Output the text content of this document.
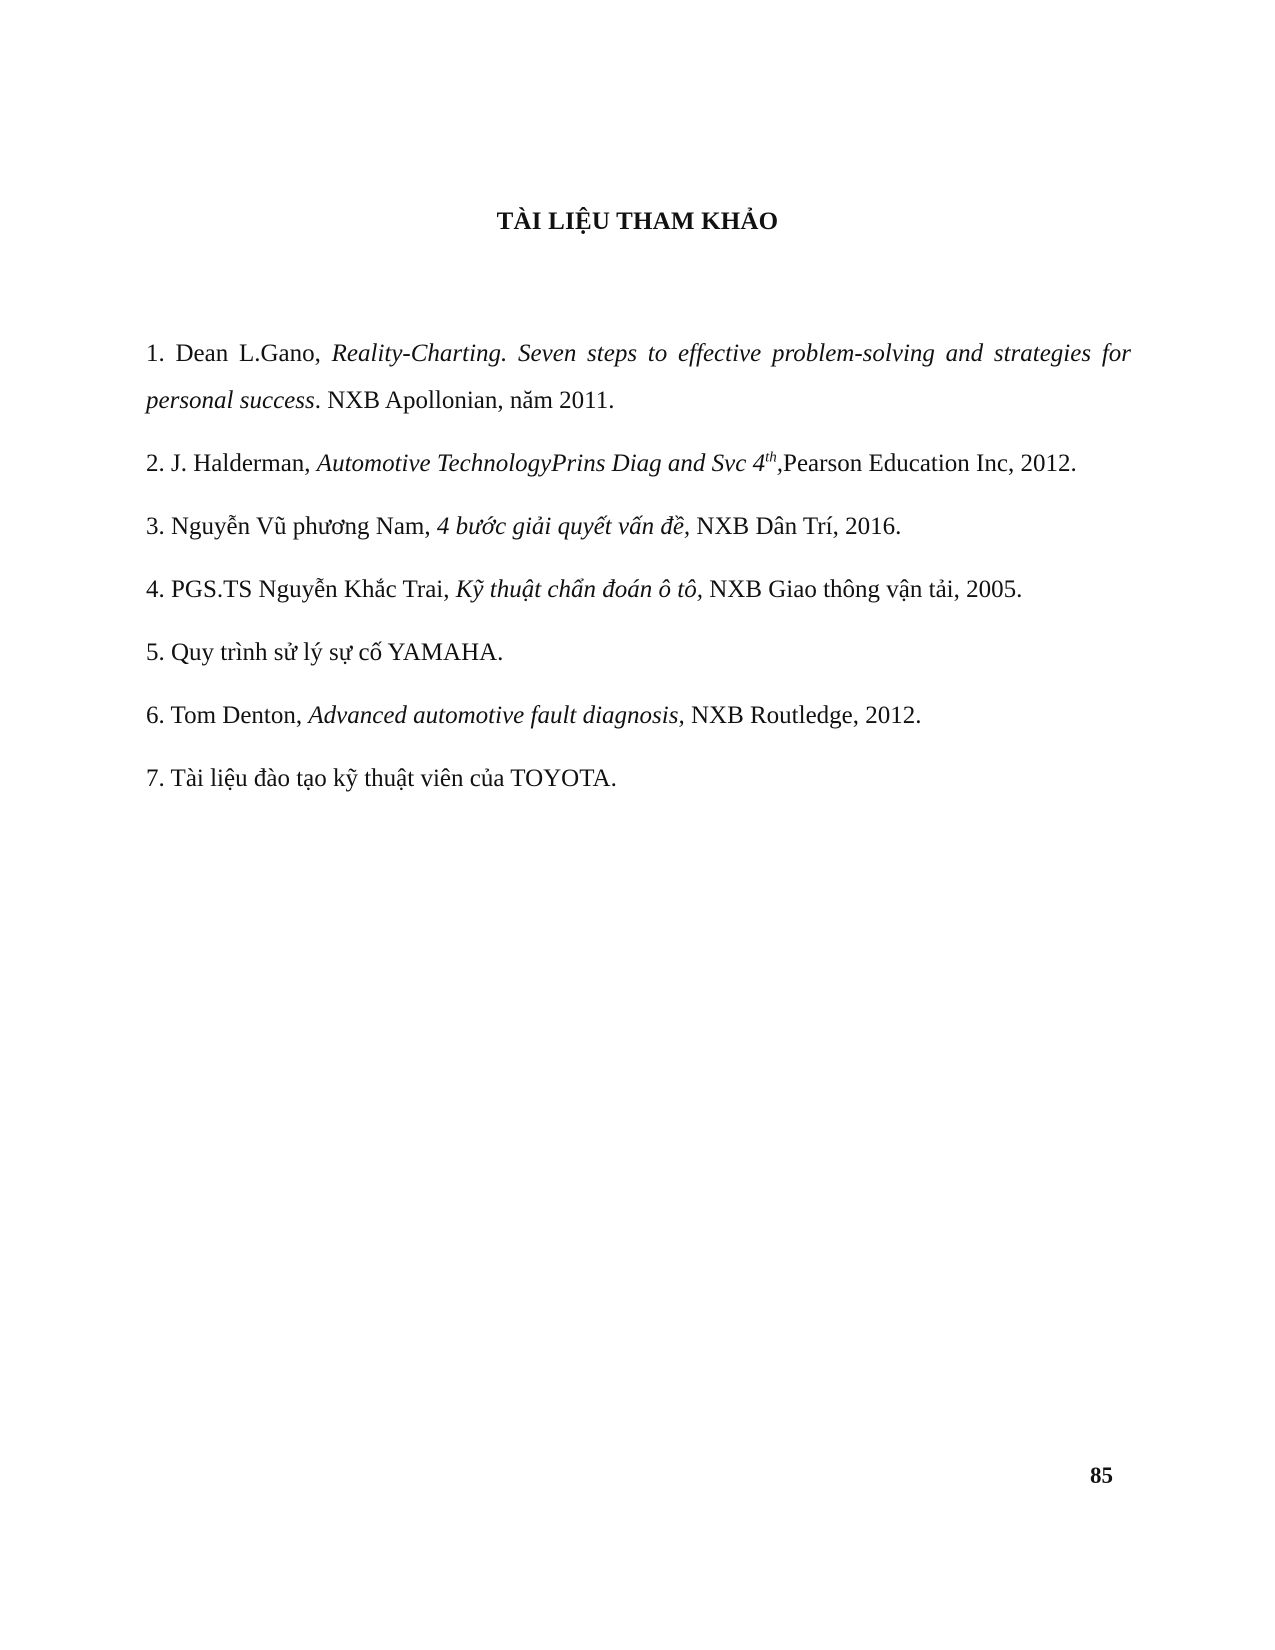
TÀI LIỆU THAM KHẢO

1. Dean L.Gano, Reality-Charting. Seven steps to effective problem-solving and strategies for personal success. NXB Apollonian, năm 2011.

2. J. Halderman, Automotive TechnologyPrins Diag and Svc 4th,Pearson Education Inc, 2012.

3. Nguyễn Vũ phương Nam, 4 bước giải quyết vấn đề, NXB Dân Trí, 2016.

4. PGS.TS Nguyễn Khắc Trai, Kỹ thuật chẩn đoán ô tô, NXB Giao thông vận tải, 2005.

5. Quy trình sử lý sự cố YAMAHA.

6. Tom Denton, Advanced automotive fault diagnosis, NXB Routledge, 2012.

7. Tài liệu đào tạo kỹ thuật viên của TOYOTA.

85
